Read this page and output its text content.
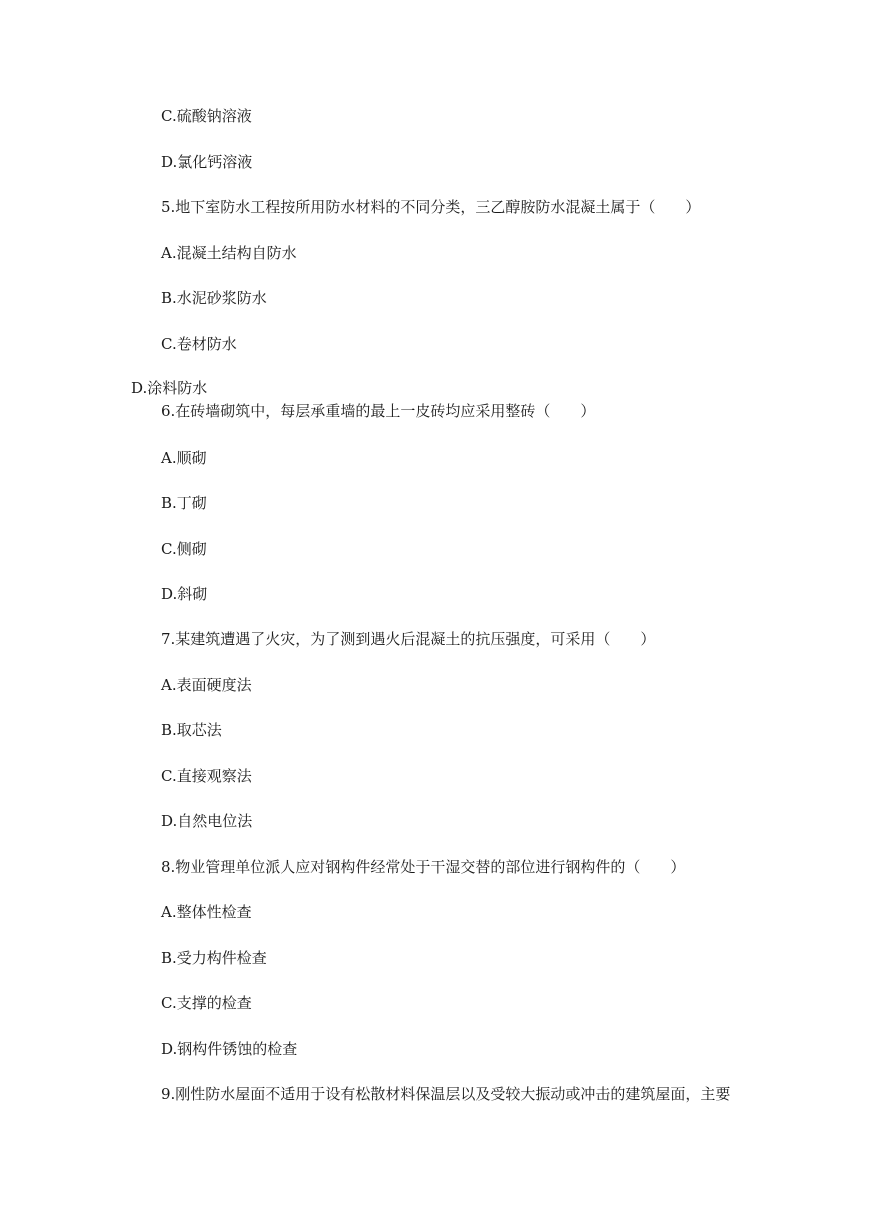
C.硫酸钠溶液
D.氯化钙溶液
5.地下室防水工程按所用防水材料的不同分类，三乙醇胺防水混凝土属于（　　）
A.混凝土结构自防水
B.水泥砂浆防水
C.卷材防水
D.涂料防水
6.在砖墙砌筑中，每层承重墙的最上一皮砖均应采用整砖（　　）
A.顺砌
B.丁砌
C.侧砌
D.斜砌
7.某建筑遭遇了火灾，为了测到遇火后混凝土的抗压强度，可采用（　　）
A.表面硬度法
B.取芯法
C.直接观察法
D.自然电位法
8.物业管理单位派人应对钢构件经常处于干湿交替的部位进行钢构件的（　　）
A.整体性检查
B.受力构件检查
C.支撑的检查
D.钢构件锈蚀的检查
9.刚性防水屋面不适用于设有松散材料保温层以及受较大振动或冲击的建筑屋面，主要
